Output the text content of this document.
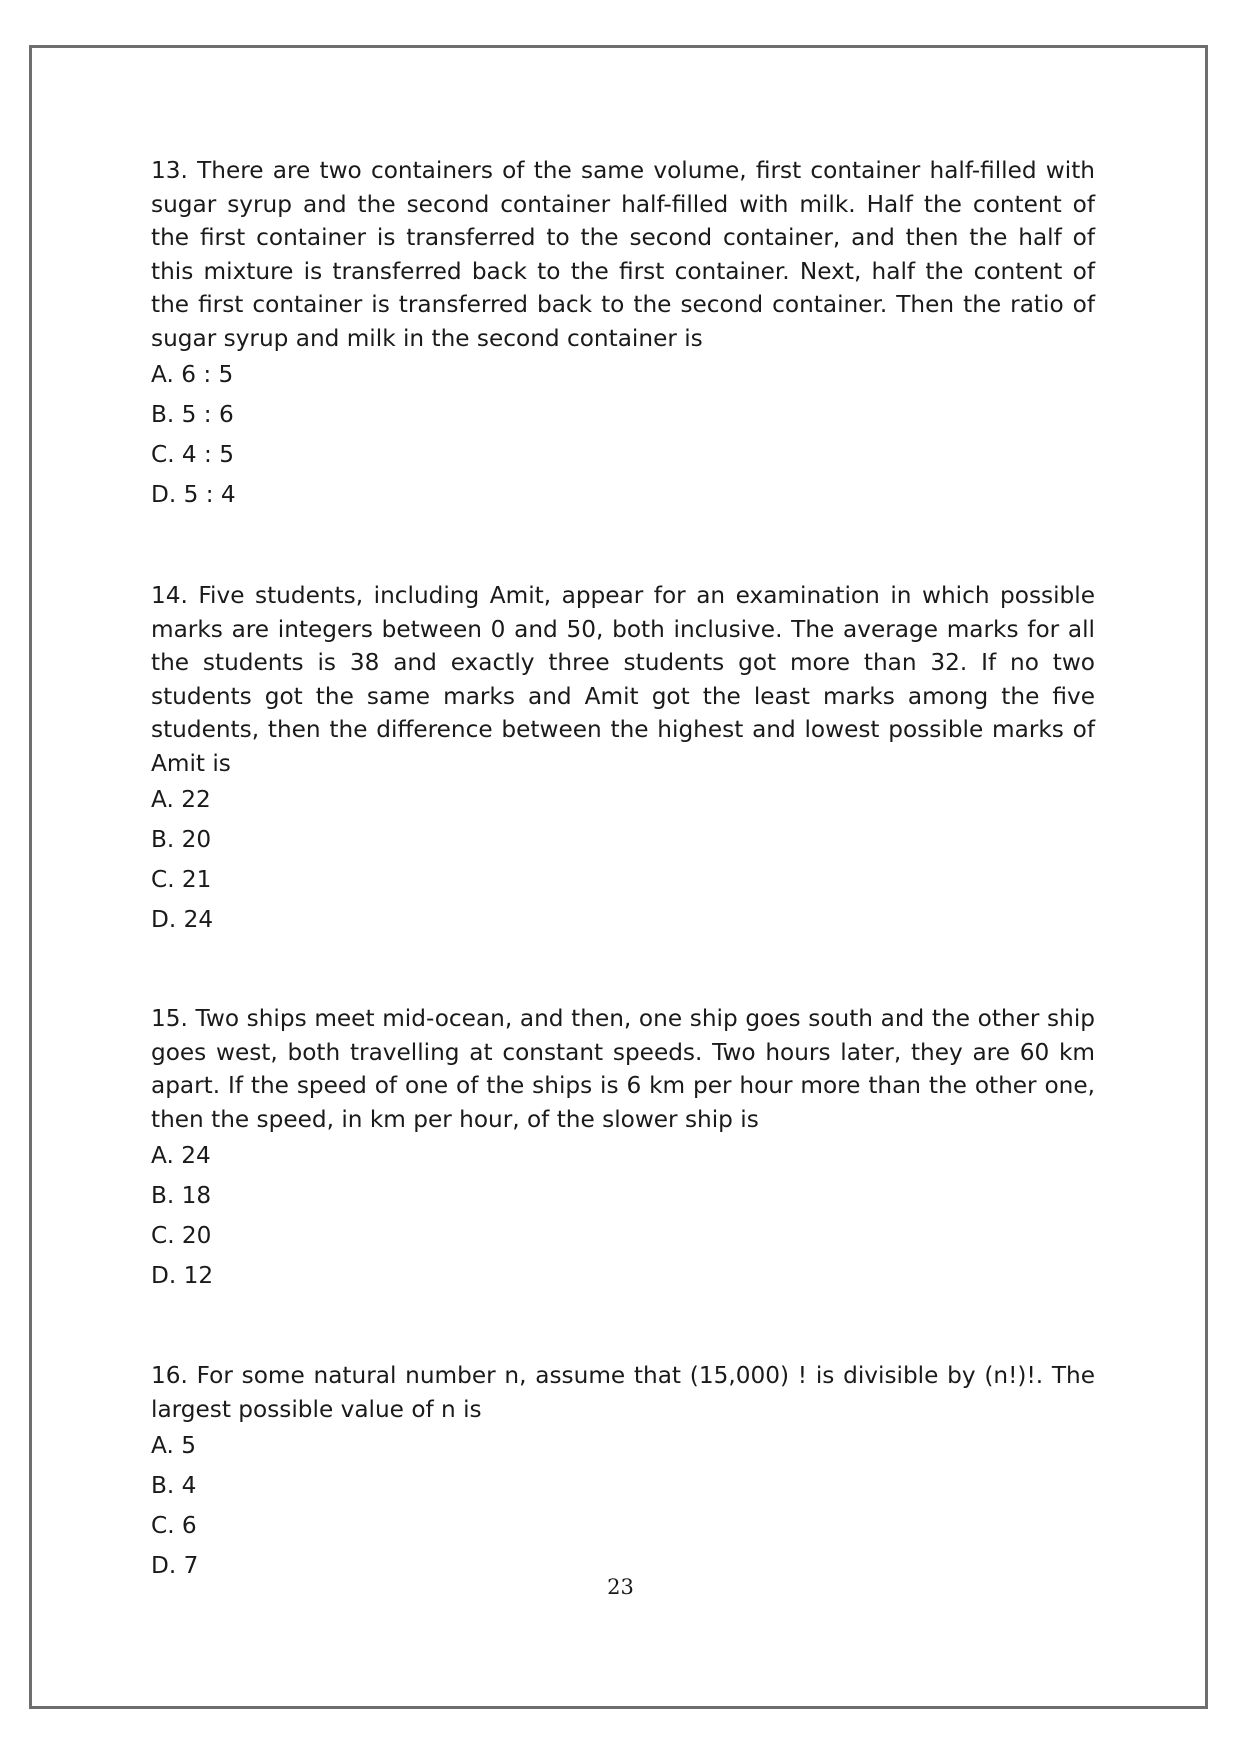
13. There are two containers of the same volume, first container half-filled with sugar syrup and the second container half-filled with milk. Half the content of the first container is transferred to the second container, and then the half of this mixture is transferred back to the first container. Next, half the content of the first container is transferred back to the second container. Then the ratio of sugar syrup and milk in the second container is

A. 6 : 5
B. 5 : 6
C. 4 : 5
D. 5 : 4

14. Five students, including Amit, appear for an examination in which possible marks are integers between 0 and 50, both inclusive. The average marks for all the students is 38 and exactly three students got more than 32. If no two students got the same marks and Amit got the least marks among the five students, then the difference between the highest and lowest possible marks of Amit is

A. 22
B. 20
C. 21
D. 24

15. Two ships meet mid-ocean, and then, one ship goes south and the other ship goes west, both travelling at constant speeds. Two hours later, they are 60 km apart. If the speed of one of the ships is 6 km per hour more than the other one, then the speed, in km per hour, of the slower ship is

A. 24
B. 18
C. 20
D. 12

16. For some natural number n, assume that (15,000) ! is divisible by (n!)!. The largest possible value of n is

A. 5
B. 4
C. 6
D. 7
23
